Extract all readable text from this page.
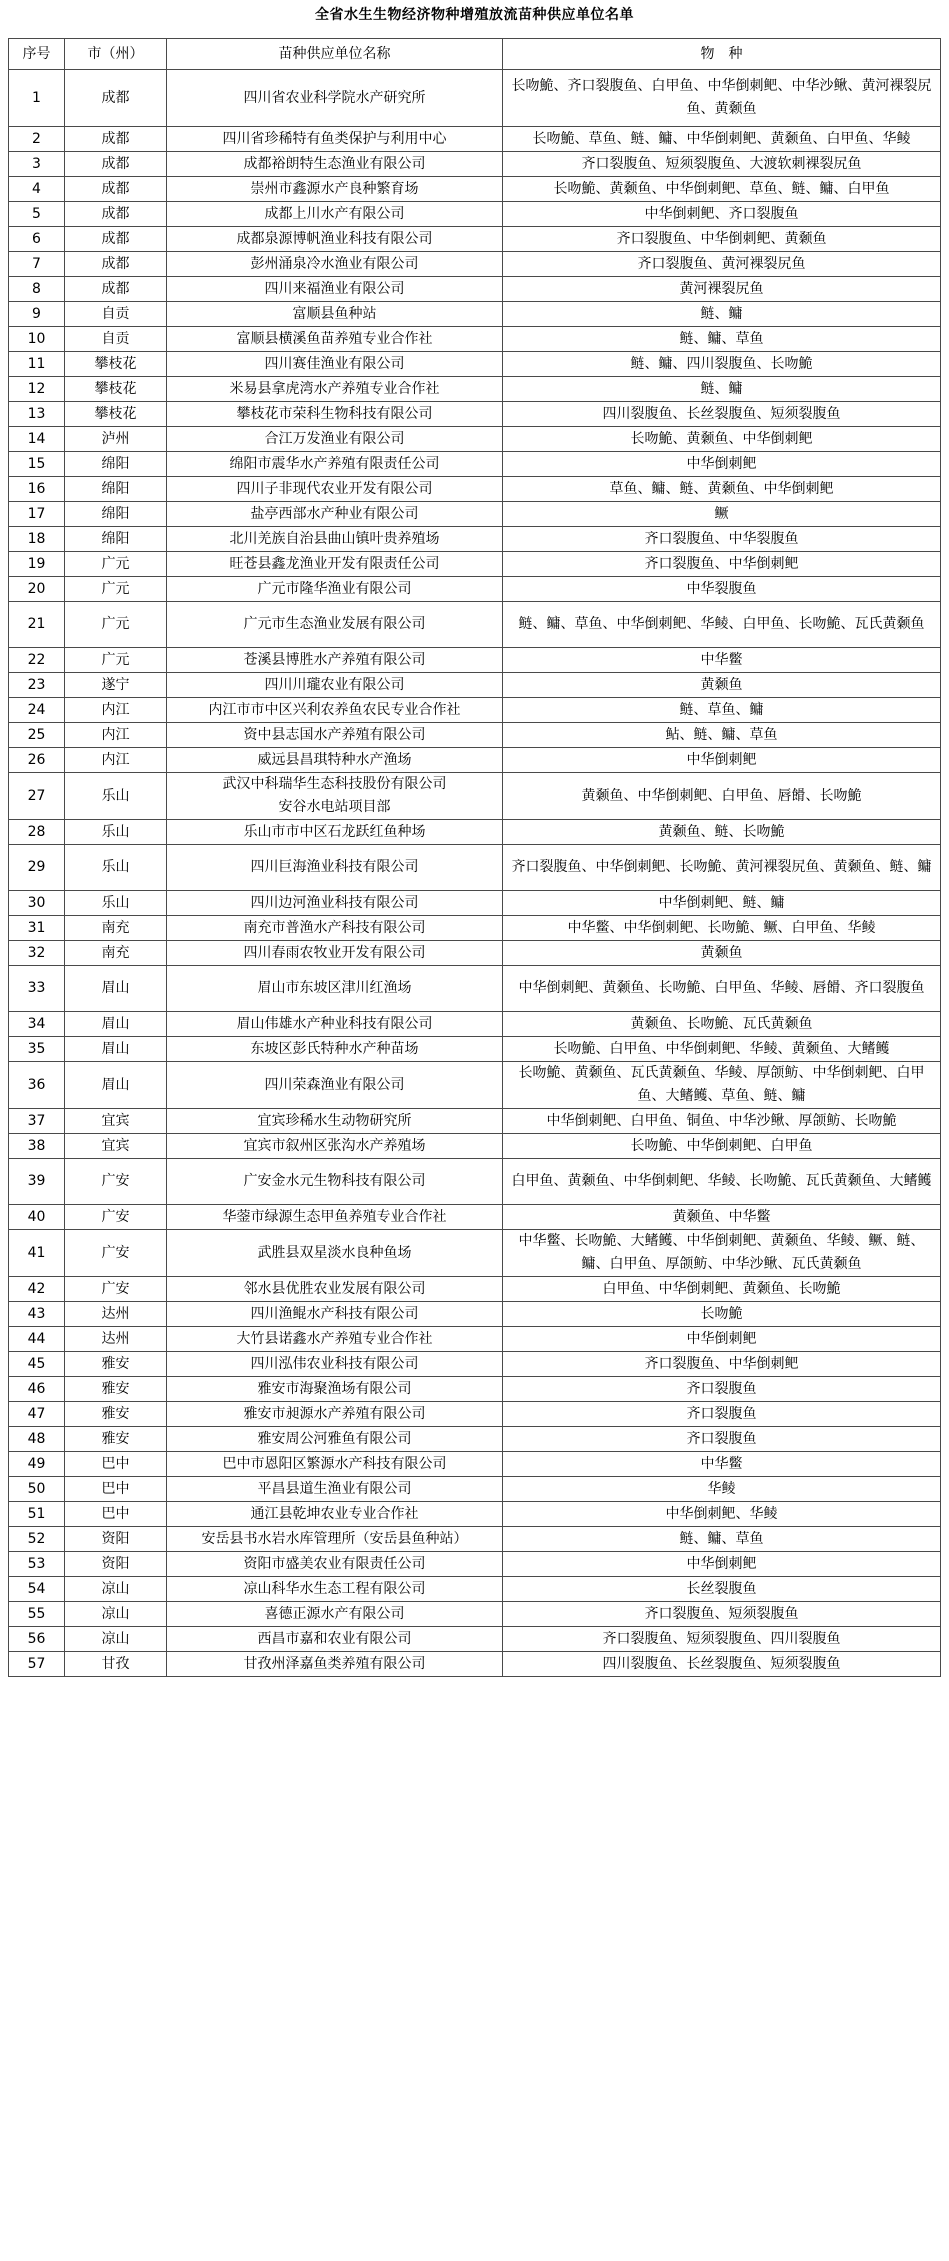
全省水生生物经济物种增殖放流苗种供应单位名单
序号	市（州）	苗种供应单位名称	物　种
1	成都	四川省农业科学院水产研究所	长吻鮠、齐口裂腹鱼、白甲鱼、中华倒刺鲃、中华沙鳅、黄河裸裂尻鱼、黄颡鱼
2	成都	四川省珍稀特有鱼类保护与利用中心	长吻鮠、草鱼、鲢、鳙、中华倒刺鲃、黄颡鱼、白甲鱼、华鲮
3	成都	成都裕朗特生态渔业有限公司	齐口裂腹鱼、短须裂腹鱼、大渡软刺裸裂尻鱼
4	成都	崇州市鑫源水产良种繁育场	长吻鮠、黄颡鱼、中华倒刺鲃、草鱼、鲢、鳙、白甲鱼
5	成都	成都上川水产有限公司	中华倒刺鲃、齐口裂腹鱼
6	成都	成都泉源博帆渔业科技有限公司	齐口裂腹鱼、中华倒刺鲃、黄颡鱼
7	成都	彭州涌泉冷水渔业有限公司	齐口裂腹鱼、黄河裸裂尻鱼
8	成都	四川来福渔业有限公司	黄河裸裂尻鱼
9	自贡	富顺县鱼种站	鲢、鳙
10	自贡	富顺县横溪鱼苗养殖专业合作社	鲢、鳙、草鱼
11	攀枝花	四川赛佳渔业有限公司	鲢、鳙、四川裂腹鱼、长吻鮠
12	攀枝花	米易县拿虎湾水产养殖专业合作社	鲢、鳙
13	攀枝花	攀枝花市荣科生物科技有限公司	四川裂腹鱼、长丝裂腹鱼、短须裂腹鱼
14	泸州	合江万发渔业有限公司	长吻鮠、黄颡鱼、中华倒刺鲃
15	绵阳	绵阳市震华水产养殖有限责任公司	中华倒刺鲃
16	绵阳	四川子非现代农业开发有限公司	草鱼、鳙、鲢、黄颡鱼、中华倒刺鲃
17	绵阳	盐亭西部水产种业有限公司	鳜
18	绵阳	北川羌族自治县曲山镇叶贵养殖场	齐口裂腹鱼、中华裂腹鱼
19	广元	旺苍县鑫龙渔业开发有限责任公司	齐口裂腹鱼、中华倒刺鲃
20	广元	广元市隆华渔业有限公司	中华裂腹鱼
21	广元	广元市生态渔业发展有限公司	鲢、鳙、草鱼、中华倒刺鲃、华鲮、白甲鱼、长吻鮠、瓦氏黄颡鱼
22	广元	苍溪县博胜水产养殖有限公司	中华鳖
23	遂宁	四川川瓏农业有限公司	黄颡鱼
24	内江	内江市市中区兴利农养鱼农民专业合作社	鲢、草鱼、鳙
25	内江	资中县志国水产养殖有限公司	鲇、鲢、鳙、草鱼
26	内江	威远县昌琪特种水产渔场	中华倒刺鲃
27	乐山	武汉中科瑞华生态科技股份有限公司
安谷水电站项目部	黄颡鱼、中华倒刺鲃、白甲鱼、唇餶、长吻鮠
28	乐山	乐山市市中区石龙跃红鱼种场	黄颡鱼、鲢、长吻鮠
29	乐山	四川巨海渔业科技有限公司	齐口裂腹鱼、中华倒刺鲃、长吻鮠、黄河裸裂尻鱼、黄颡鱼、鲢、鳙
30	乐山	四川边河渔业科技有限公司	中华倒刺鲃、鲢、鳙
31	南充	南充市普渔水产科技有限公司	中华鳖、中华倒刺鲃、长吻鮠、鳜、白甲鱼、华鲮
32	南充	四川春雨农牧业开发有限公司	黄颡鱼
33	眉山	眉山市东坡区津川红渔场	中华倒刺鲃、黄颡鱼、长吻鮠、白甲鱼、华鲮、唇餶、齐口裂腹鱼
34	眉山	眉山伟雄水产种业科技有限公司	黄颡鱼、长吻鮠、瓦氏黄颡鱼
35	眉山	东坡区彭氏特种水产种苗场	长吻鮠、白甲鱼、中华倒刺鲃、华鲮、黄颡鱼、大鳍鳠
36	眉山	四川荣森渔业有限公司	长吻鮠、黄颡鱼、瓦氏黄颡鱼、华鲮、厚颌鲂、中华倒刺鲃、白甲鱼、大鳍鳠、草鱼、鲢、鳙
37	宜宾	宜宾珍稀水生动物研究所	中华倒刺鲃、白甲鱼、铜鱼、中华沙鳅、厚颌鲂、长吻鮠
38	宜宾	宜宾市叙州区张沟水产养殖场	长吻鮠、中华倒刺鲃、白甲鱼
39	广安	广安金水元生物科技有限公司	白甲鱼、黄颡鱼、中华倒刺鲃、华鲮、长吻鮠、瓦氏黄颡鱼、大鳍鳠
40	广安	华蓥市绿源生态甲鱼养殖专业合作社	黄颡鱼、中华鳖
41	广安	武胜县双星淡水良种鱼场	中华鳖、长吻鮠、大鳍鳠、中华倒刺鲃、黄颡鱼、华鲮、鳜、鲢、鳙、白甲鱼、厚颌鲂、中华沙鳅、瓦氏黄颡鱼
42	广安	邻水县优胜农业发展有限公司	白甲鱼、中华倒刺鲃、黄颡鱼、长吻鮠
43	达州	四川渔鲲水产科技有限公司	长吻鮠
44	达州	大竹县诺鑫水产养殖专业合作社	中华倒刺鲃
45	雅安	四川泓伟农业科技有限公司	齐口裂腹鱼、中华倒刺鲃
46	雅安	雅安市海聚渔场有限公司	齐口裂腹鱼
47	雅安	雅安市昶源水产养殖有限公司	齐口裂腹鱼
48	雅安	雅安周公河雅鱼有限公司	齐口裂腹鱼
49	巴中	巴中市恩阳区繁源水产科技有限公司	中华鳖
50	巴中	平昌县道生渔业有限公司	华鲮
51	巴中	通江县乾坤农业专业合作社	中华倒刺鲃、华鲮
52	资阳	安岳县书水岩水库管理所（安岳县鱼种站）	鲢、鳙、草鱼
53	资阳	资阳市盛美农业有限责任公司	中华倒刺鲃
54	凉山	凉山科华水生态工程有限公司	长丝裂腹鱼
55	凉山	喜德正源水产有限公司	齐口裂腹鱼、短须裂腹鱼
56	凉山	西昌市嘉和农业有限公司	齐口裂腹鱼、短须裂腹鱼、四川裂腹鱼
57	甘孜	甘孜州泽嘉鱼类养殖有限公司	四川裂腹鱼、长丝裂腹鱼、短须裂腹鱼
